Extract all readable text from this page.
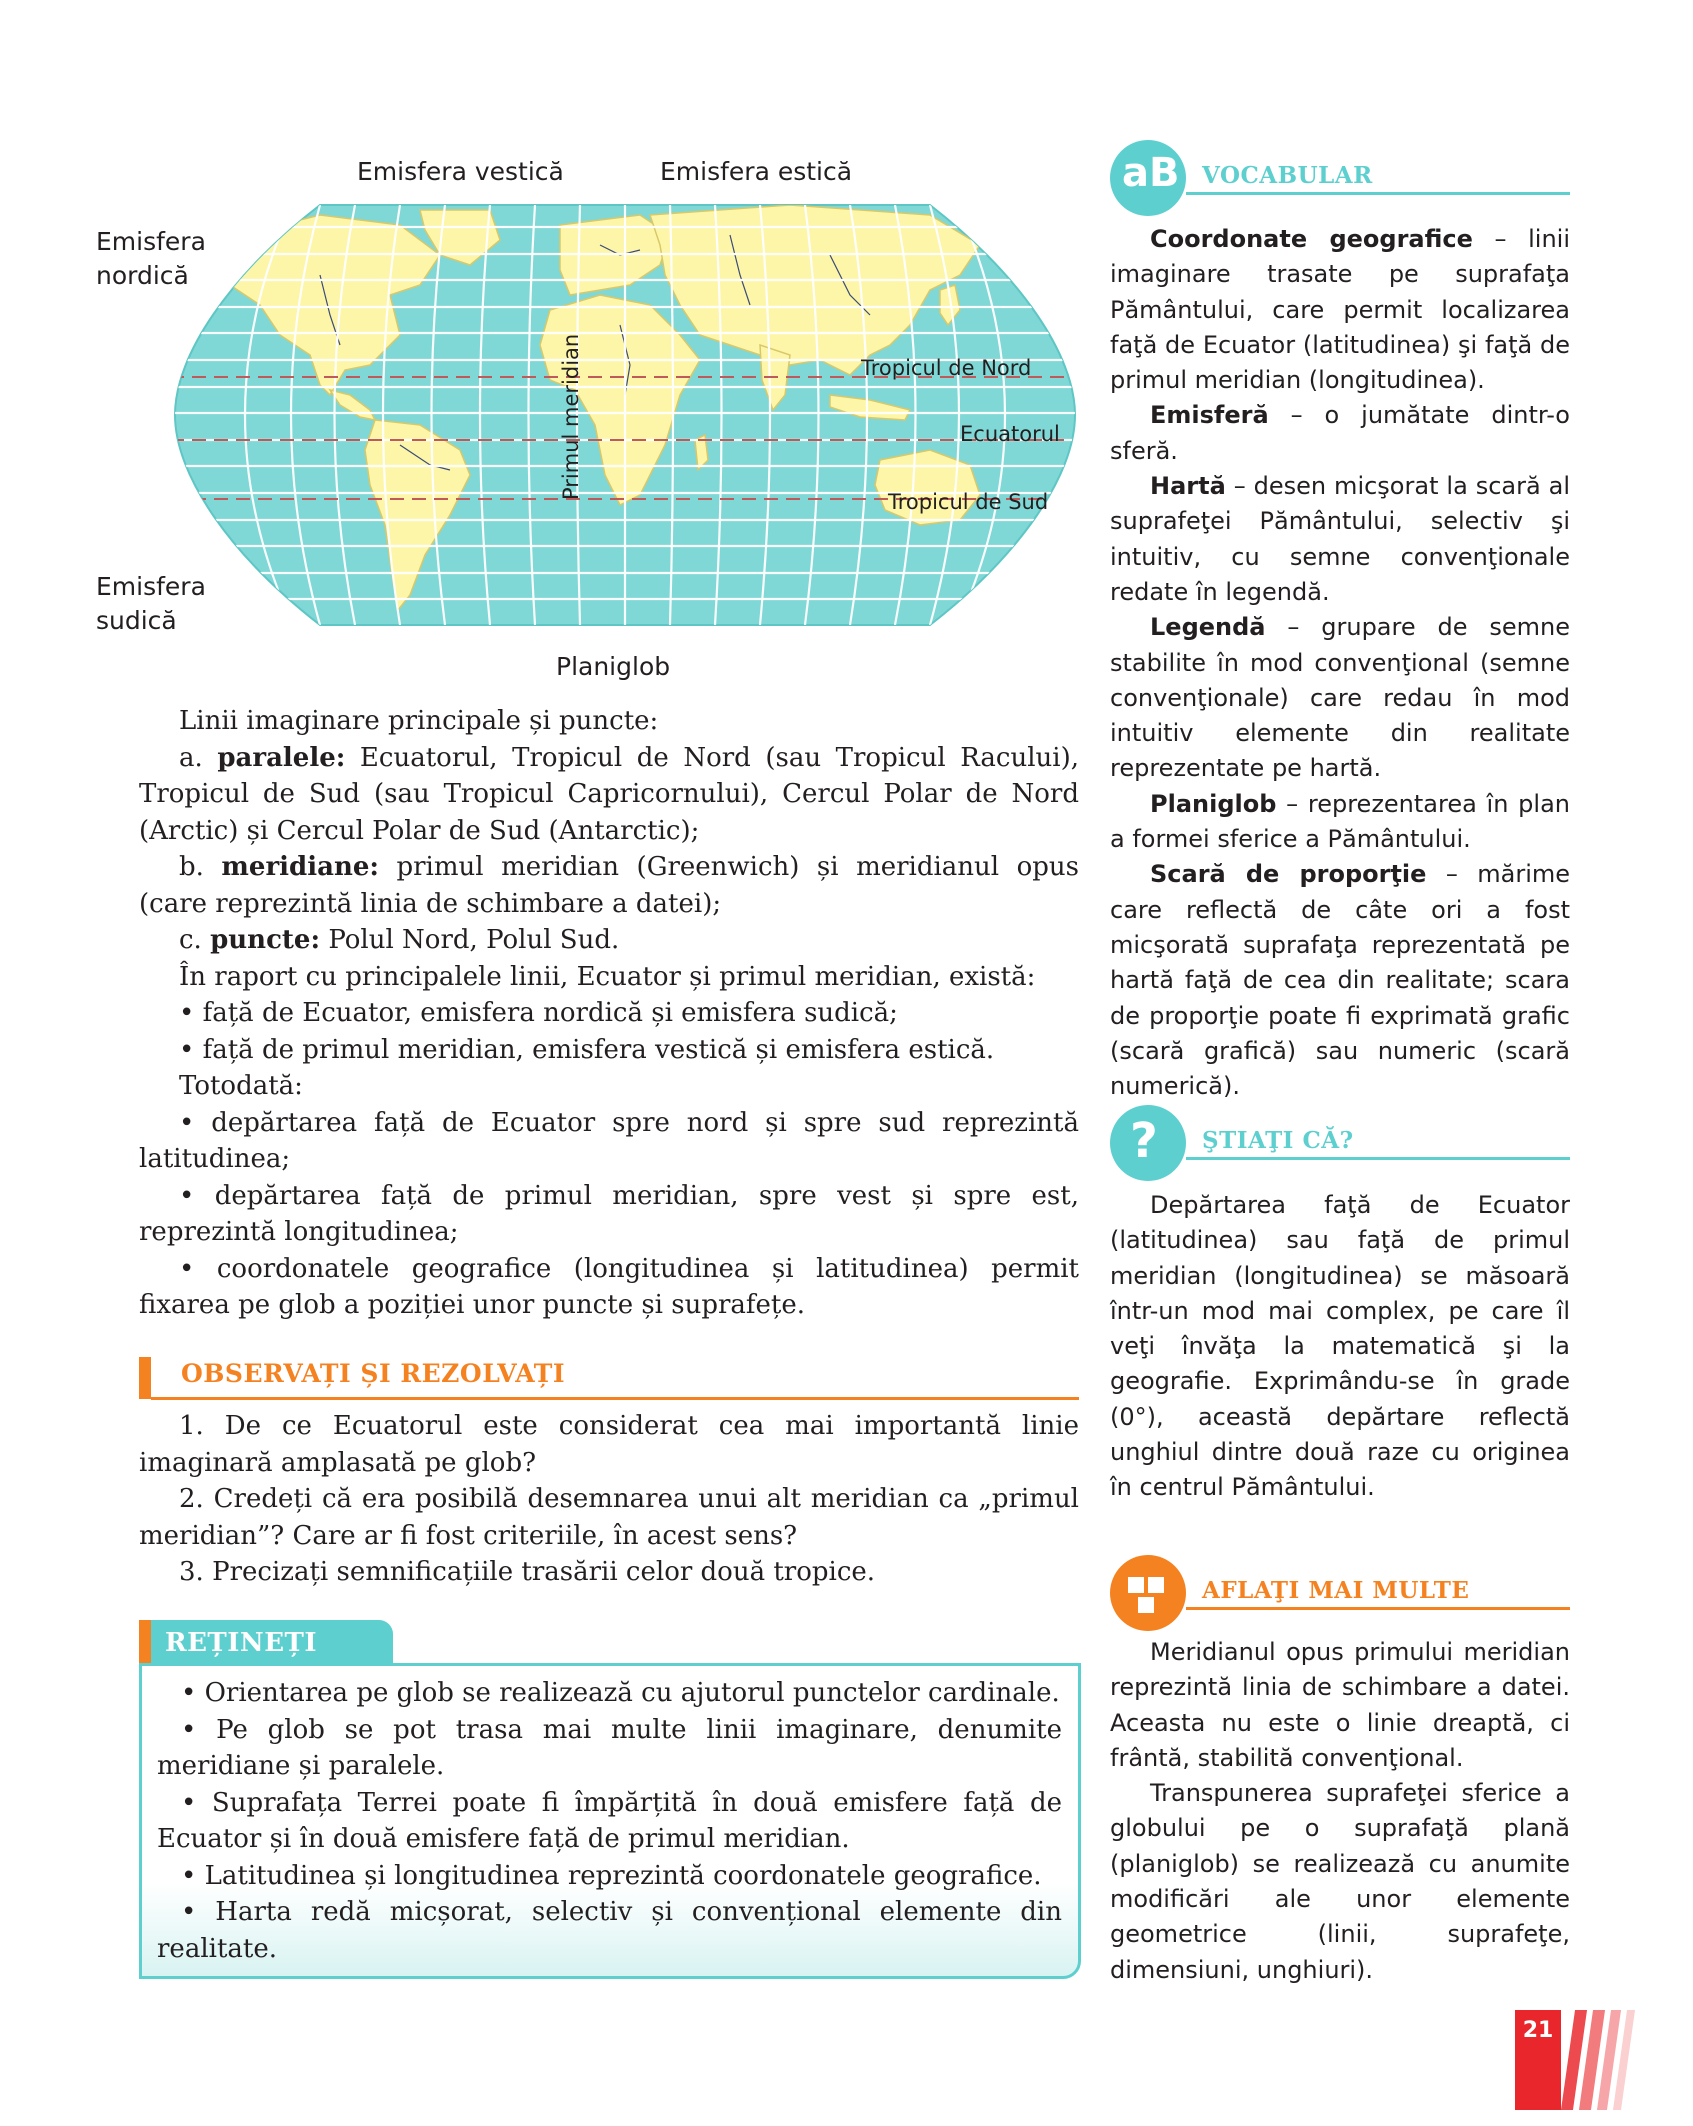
Emisfera vestică	Emisfera estică
Emisfera
nordică
Emisfera
sudică
Primul meridian	Tropicul de Nord
Ecuatorul
Tropicul de Sud
Planiglob

Linii imaginare principale și puncte:

a. paralele: Ecuatorul, Tropicul de Nord (sau Tropicul Racului), Tropicul de Sud (sau Tropicul Capricornului), Cercul Polar de Nord (Arctic) și Cercul Polar de Sud (Antarctic);

b. meridiane: primul meridian (Greenwich) și meridianul opus (care reprezintă linia de schimbare a datei);

c. puncte: Polul Nord, Polul Sud.

În raport cu principalele linii, Ecuator și primul meridian, există:

• față de Ecuator, emisfera nordică și emisfera sudică;

• față de primul meridian, emisfera vestică și emisfera estică.

Totodată:

• depărtarea față de Ecuator spre nord și spre sud reprezintă latitudinea;

• depărtarea față de primul meridian, spre vest și spre est, reprezintă longitudinea;

• coordonatele geografice (longitudinea și latitudinea) permit fixarea pe glob a poziției unor puncte și suprafețe.

OBSERVAȚI ȘI REZOLVAȚI

1. De ce Ecuatorul este considerat cea mai importantă linie imaginară amplasată pe glob?

2. Credeți că era posibilă desemnarea unui alt meridian ca „primul meridian”? Care ar fi fost criteriile, în acest sens?

3. Precizați semnificațiile trasării celor două tropice.

REȚINEȚI

• Orientarea pe glob se realizează cu ajutorul punctelor cardinale.

• Pe glob se pot trasa mai multe linii imaginare, denumite meridiane și paralele.

• Suprafața Terrei poate fi împărțită în două emisfere față de Ecuator și în două emisfere față de primul meridian.

• Latitudinea și longitudinea reprezintă coordonatele geografice.

• Harta redă micșorat, selectiv și convențional elemente din realitate.

aB VOCABULAR

Coordonate geografice – linii imaginare trasate pe suprafaţa Pământului, care permit localizarea faţă de Ecuator (latitudinea) şi faţă de primul meridian (longitudinea).

Emisferă – o jumătate dintr-o sferă.

Hartă – desen micşorat la scară al suprafeţei Pământului, selectiv şi intuitiv, cu semne convenţionale redate în legendă.

Legendă – grupare de semne stabilite în mod convenţional (semne convenţionale) care redau în mod intuitiv elemente din realitate reprezentate pe hartă.

Planiglob – reprezentarea în plan a formei sferice a Pământului.

Scară de proporţie – mărime care reflectă de câte ori a fost micşorată suprafaţa reprezentată pe hartă faţă de cea din realitate; scara de proporţie poate fi exprimată grafic (scară grafică) sau numeric (scară numerică).

? ŞTIAŢI CĂ?

Depărtarea faţă de Ecuator (latitudinea) sau faţă de primul meridian (longitudinea) se măsoară într-un mod mai complex, pe care îl veţi învăţa la matematică şi la geografie. Exprimându-se în grade (0°), această depărtare reflectă unghiul dintre două raze cu originea în centrul Pământului.

AFLAŢI MAI MULTE

Meridianul opus primului meridian reprezintă linia de schimbare a datei. Aceasta nu este o linie dreaptă, ci frântă, stabilită convenţional.

Transpunerea suprafeţei sferice a globului pe o suprafaţă plană (planiglob) se realizează cu anumite modificări ale unor elemente geometrice (linii, suprafeţe, dimensiuni, unghiuri).

21
